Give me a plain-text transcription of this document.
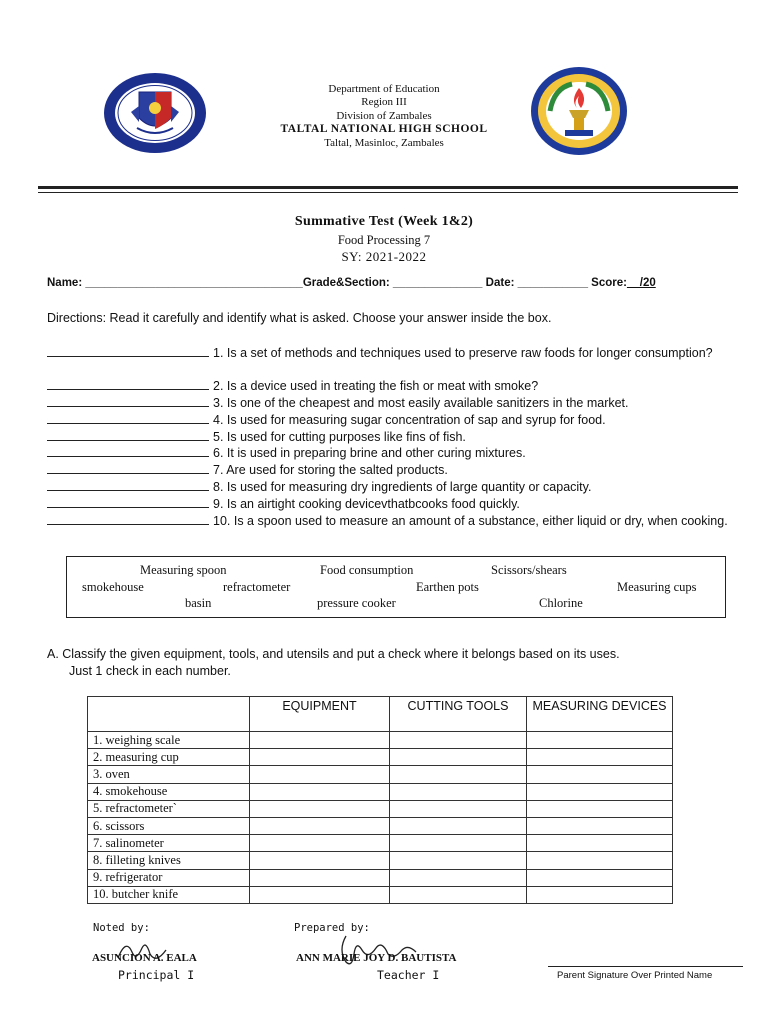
Department of Education
Region III
Division of Zambales
TALTAL NATIONAL HIGH SCHOOL
Taltal, Masinloc, Zambales
Summative Test (Week 1&2)
Food Processing 7
SY: 2021-2022
Name: __________________________________Grade&Section: ______________ Date: ___________ Score:__/20
Directions: Read it carefully and identify what is asked. Choose your answer inside the box.
1. Is a set of methods and techniques used to preserve raw foods for longer consumption?
2. Is a device used in treating the fish or meat with smoke?
3. Is one of the cheapest and most easily available sanitizers in the market.
4. Is used for measuring sugar concentration of sap and syrup for food.
5. Is used for cutting purposes like fins of fish.
6. It is used in preparing brine and other curing mixtures.
7. Are used for storing the salted products.
8. Is used for measuring dry ingredients of large quantity or capacity.
9. Is an airtight cooking devicevthatbcooks food quickly.
10. Is a spoon used to measure an amount of a substance, either liquid or dry, when cooking.
Measuring spoon	Food consumption	Scissors/shears
smokehouse	refractometer	Earthen pots	Measuring cups
basin	pressure cooker	Chlorine
A. Classify the given equipment, tools, and utensils and put a check where it belongs based on its uses.
Just 1 check in each number.
	EQUIPMENT	CUTTING TOOLS	MEASURING DEVICES
1. weighing scale			
2. measuring cup			
3. oven			
4. smokehouse			
5. refractometer`			
6. scissors			
7. salinometer			
8. filleting knives			
9. refrigerator			
10. butcher knife			
Noted by:
ASUNCION A. EALA
Principal I
Prepared by:
ANN MARIE JOY D. BAUTISTA
Teacher I	Parent Signature Over Printed Name
